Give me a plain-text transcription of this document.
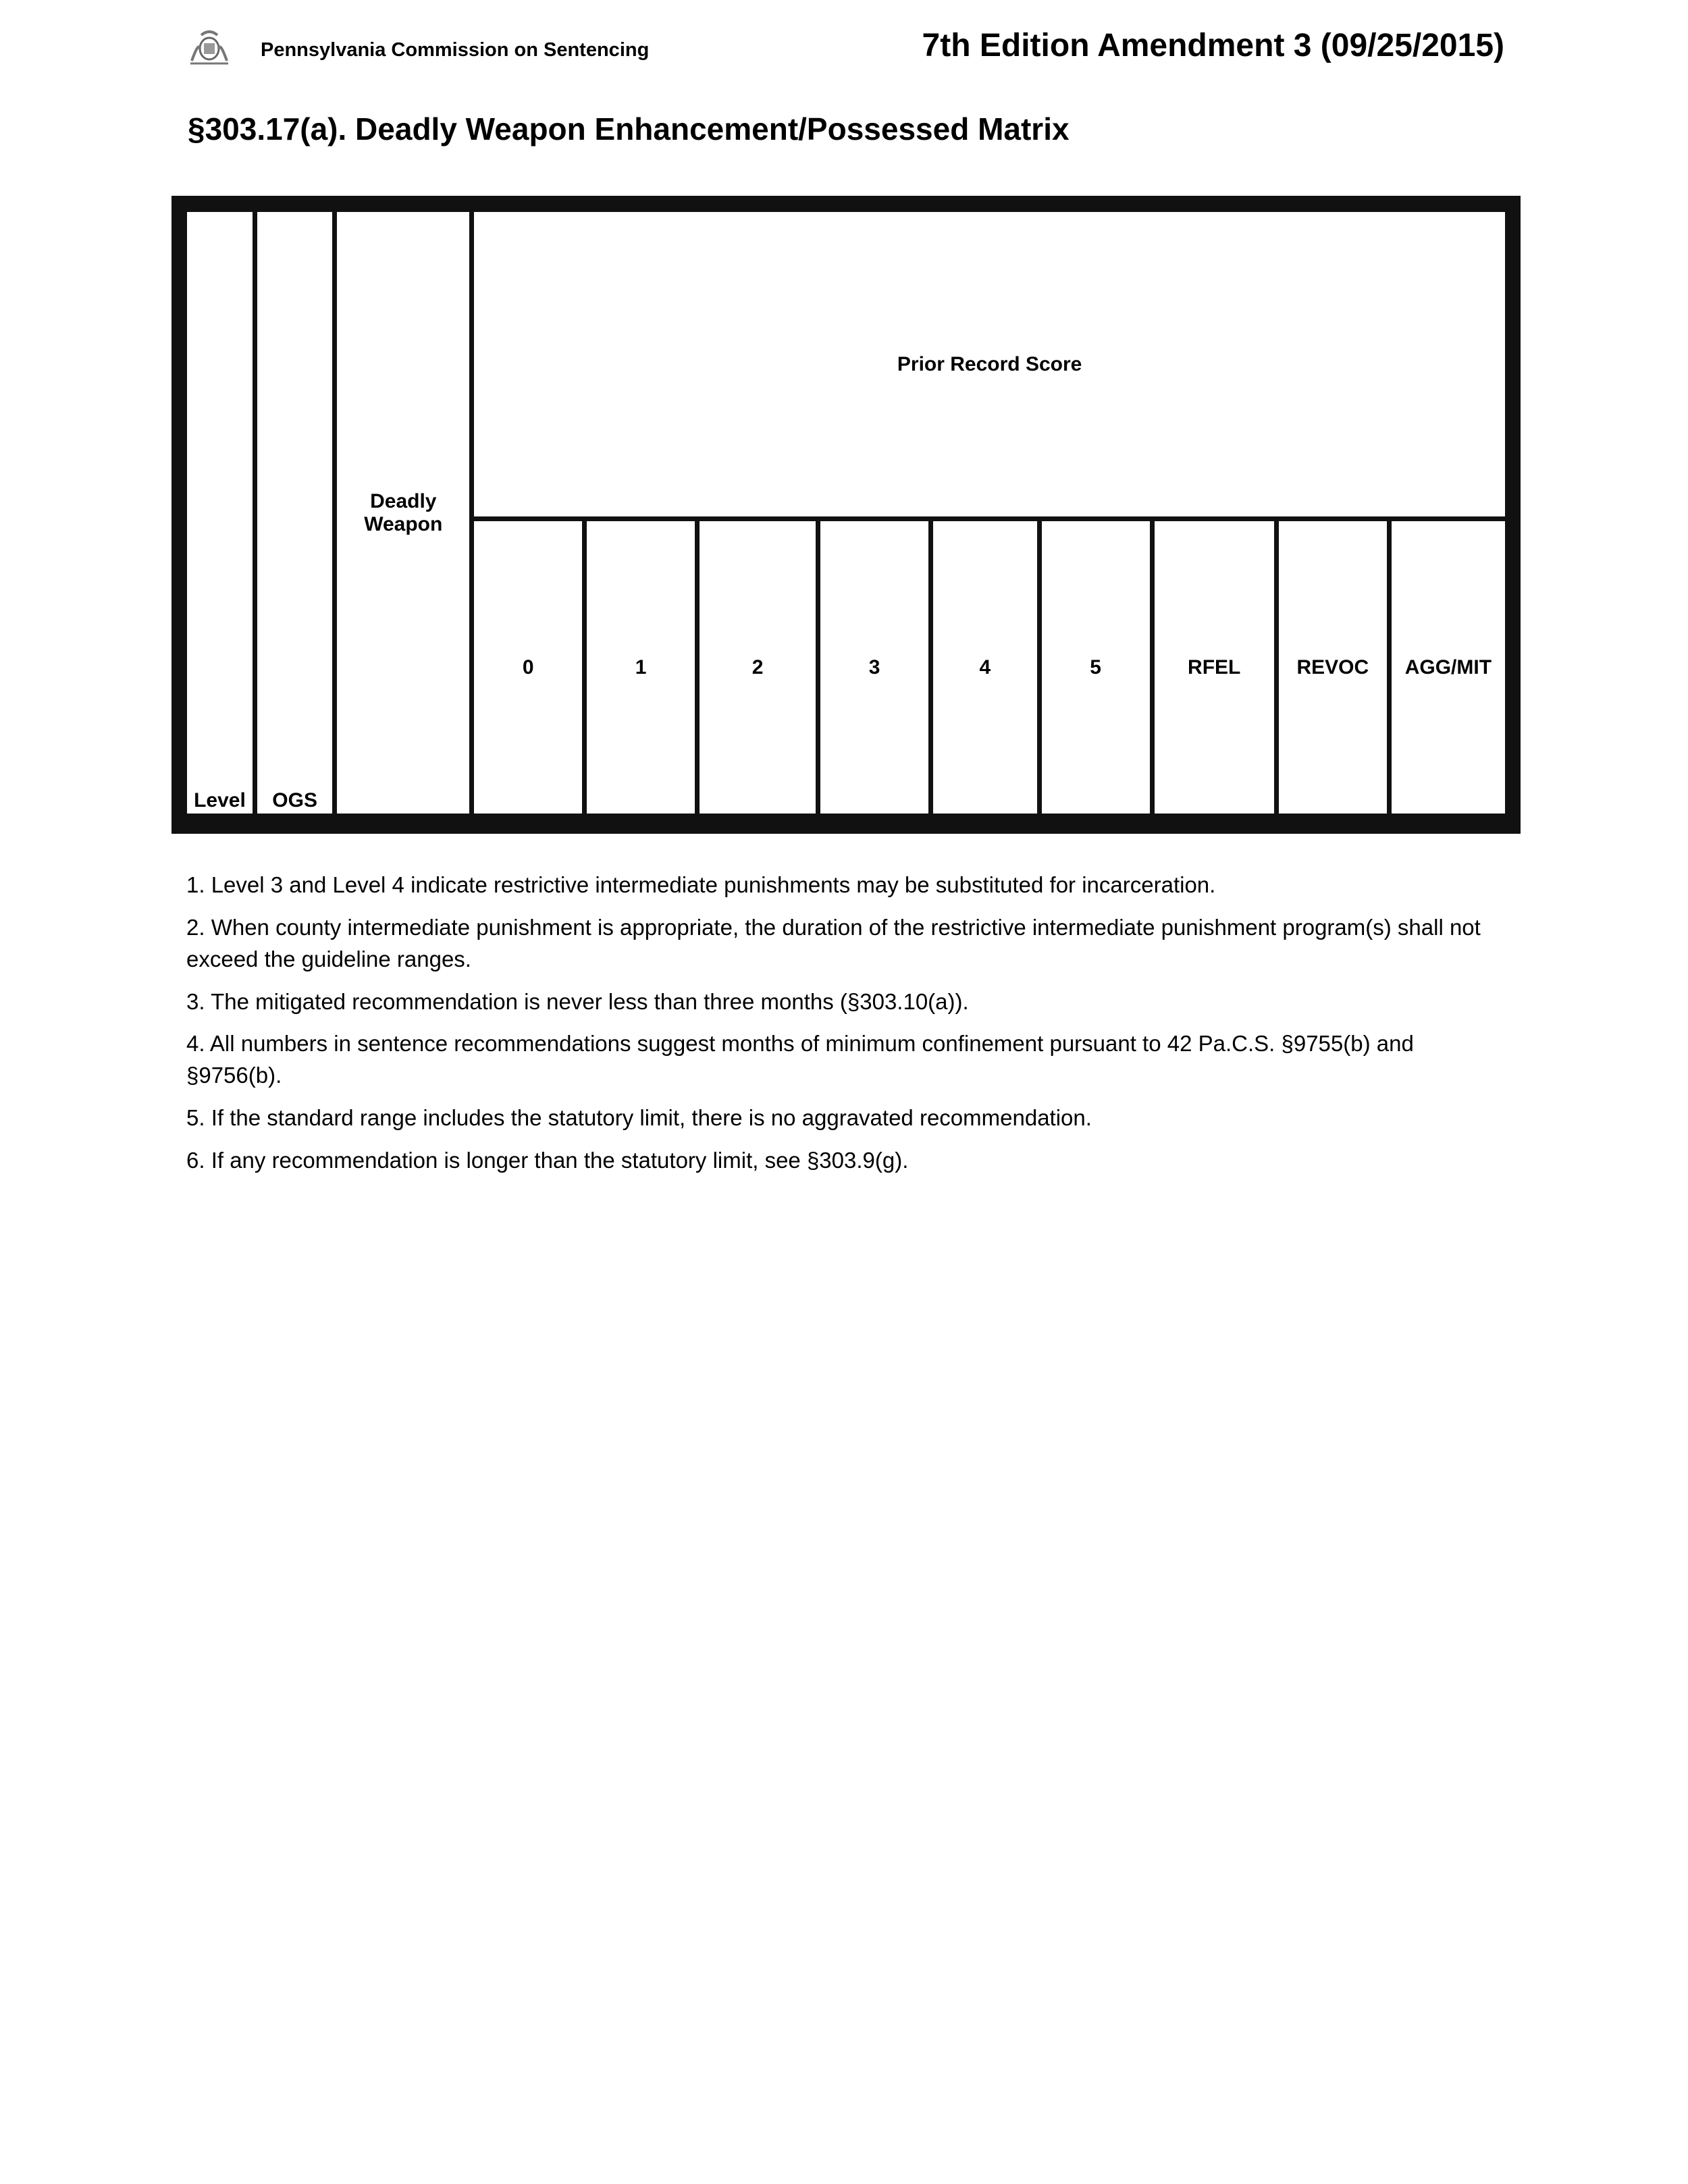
Pennsylvania Commission on Sentencing	7th Edition Amendment 3 (09/25/2015)
§303.17(a). Deadly Weapon Enhancement/Possessed Matrix
Level	OGS	Deadly
Weapon	Prior Record Score								
			0	1	2	3	4	5	RFEL	REVOC	AGG/MIT

1. Level 3 and Level 4 indicate restrictive intermediate punishments may be substituted for incarceration.

2. When county intermediate punishment is appropriate, the duration of the restrictive intermediate punishment program(s) shall not exceed the guideline ranges.

3. The mitigated recommendation is never less than three months (§303.10(a)).

4. All numbers in sentence recommendations suggest months of minimum confinement pursuant to 42 Pa.C.S. §9755(b) and §9756(b).

5. If the standard range includes the statutory limit, there is no aggravated recommendation.

6. If any recommendation is longer than the statutory limit, see §303.9(g).
